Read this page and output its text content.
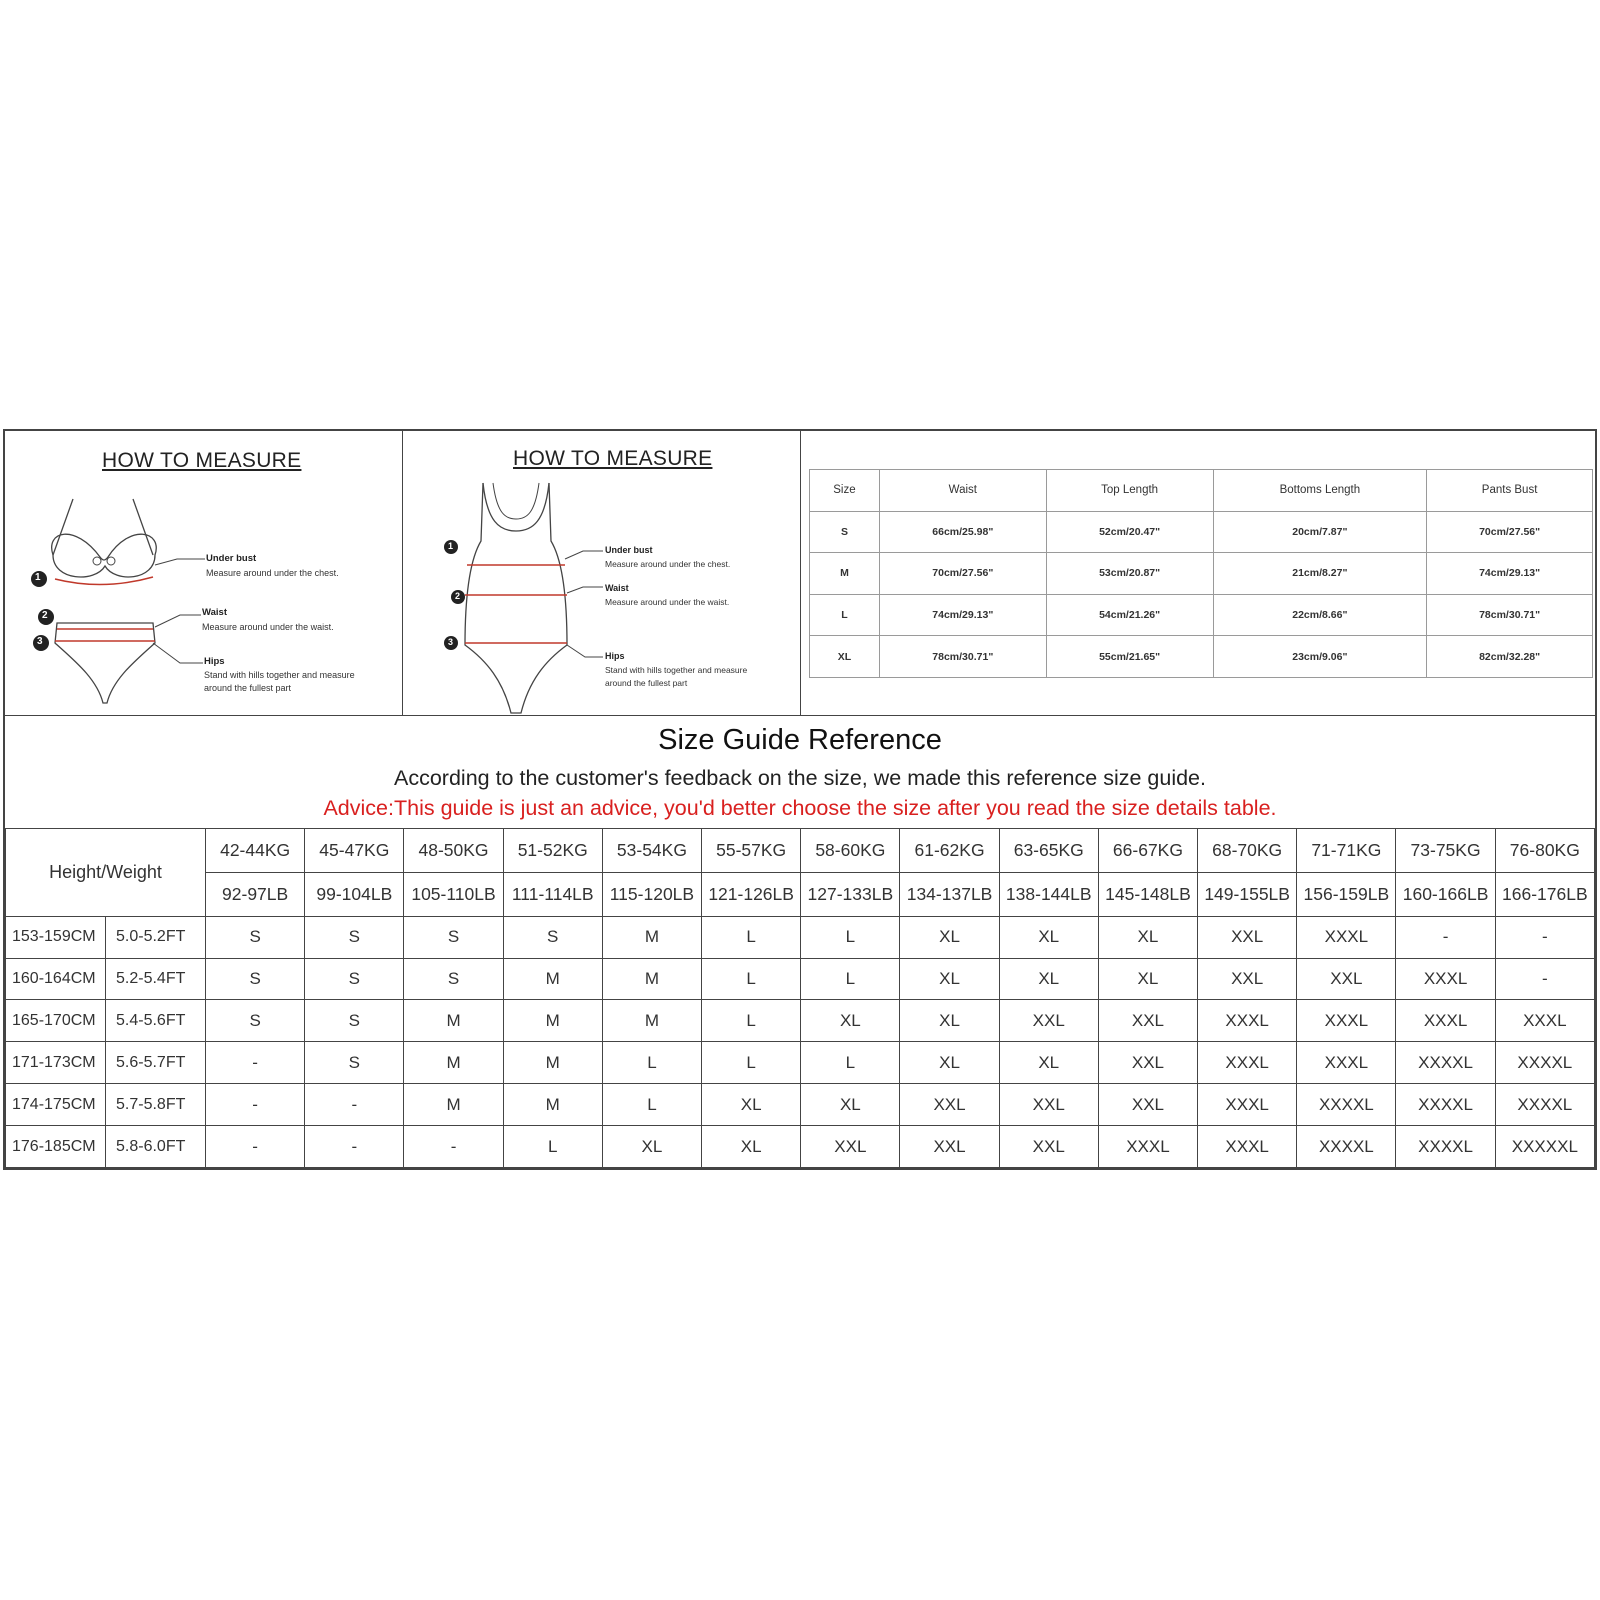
HOW TO MEASURE
1
2
3
Under bust
Measure around under the chest.
Waist
Measure around under the waist.
Hips
Stand with hills together and measure around the fullest part
HOW TO MEASURE
1
2
3
Under bust
Measure around under the chest.
Waist
Measure around under the waist.
Hips
Stand with hills together and measure around the fullest part
Size	Waist	Top Length	Bottoms Length	Pants Bust
S	66cm/25.98"	52cm/20.47"	20cm/7.87"	70cm/27.56"
M	70cm/27.56"	53cm/20.87"	21cm/8.27"	74cm/29.13"
L	74cm/29.13"	54cm/21.26"	22cm/8.66"	78cm/30.71"
XL	78cm/30.71"	55cm/21.65"	23cm/9.06"	82cm/32.28"
Size Guide Reference
According to the customer's feedback on the size, we made this reference size guide.
Advice:This guide is just an advice, you'd better choose the size after you read the size details table.
Height/Weight		42-44KG	45-47KG	48-50KG	51-52KG	53-54KG	55-57KG	58-60KG	61-62KG	63-65KG	66-67KG	68-70KG	71-71KG	73-75KG	76-80KG
		92-97LB	99-104LB	105-110LB	111-114LB	115-120LB	121-126LB	127-133LB	134-137LB	138-144LB	145-148LB	149-155LB	156-159LB	160-166LB	166-176LB
153-159CM	5.0-5.2FT	S	S	S	S	M	L	L	XL	XL	XL	XXL	XXXL	-	-
160-164CM	5.2-5.4FT	S	S	S	M	M	L	L	XL	XL	XL	XXL	XXL	XXXL	-
165-170CM	5.4-5.6FT	S	S	M	M	M	L	XL	XL	XXL	XXL	XXXL	XXXL	XXXL	XXXL
171-173CM	5.6-5.7FT	-	S	M	M	L	L	L	XL	XL	XXL	XXXL	XXXL	XXXXL	XXXXL
174-175CM	5.7-5.8FT	-	-	M	M	L	XL	XL	XXL	XXL	XXL	XXXL	XXXXL	XXXXL	XXXXL
176-185CM	5.8-6.0FT	-	-	-	L	XL	XL	XXL	XXL	XXL	XXXL	XXXL	XXXXL	XXXXL	XXXXXL
